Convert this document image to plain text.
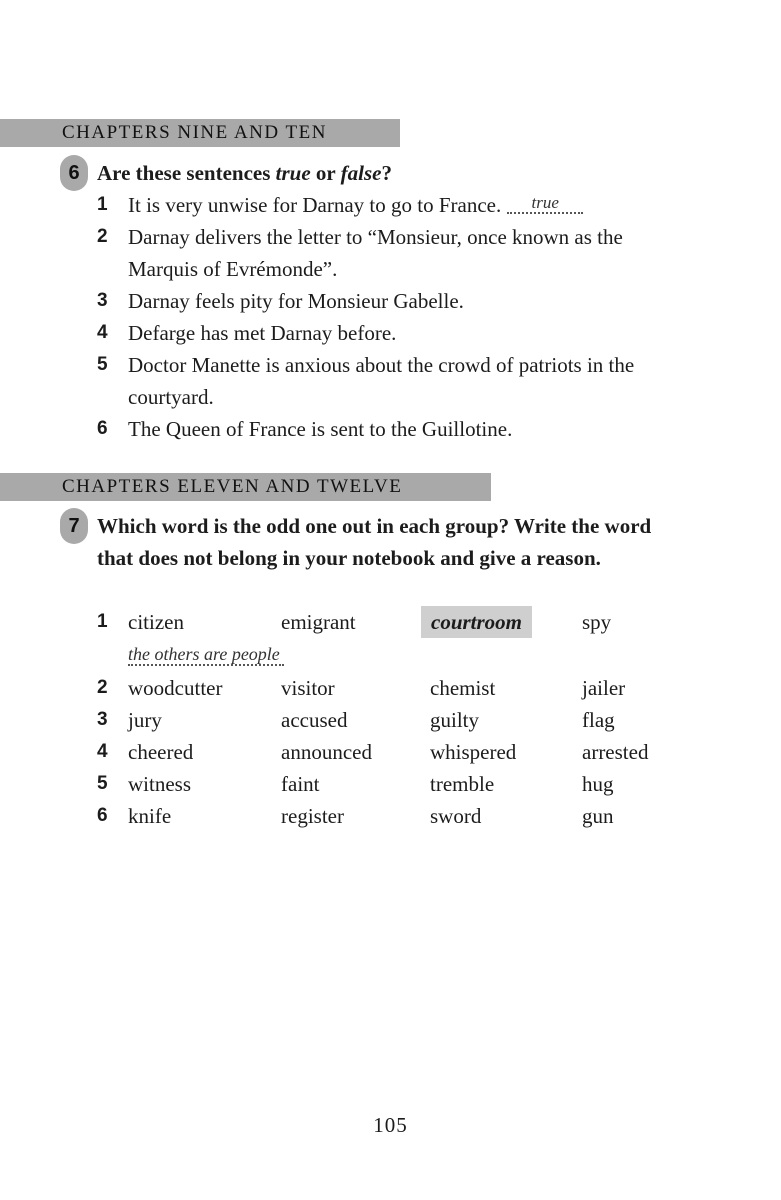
CHAPTERS NINE AND TEN
6 Are these sentences true or false?
1 It is very unwise for Darnay to go to France. true
2 Darnay delivers the letter to “Monsieur, once known as the Marquis of Evrémonde”.
3 Darnay feels pity for Monsieur Gabelle.
4 Defarge has met Darnay before.
5 Doctor Manette is anxious about the crowd of patriots in the courtyard.
6 The Queen of France is sent to the Guillotine.
CHAPTERS ELEVEN AND TWELVE
7 Which word is the odd one out in each group? Write the word that does not belong in your notebook and give a reason.
1 citizen	emigrant	courtroom	spy
the others are people
2 woodcutter	visitor	chemist	jailer
3 jury	accused	guilty	flag
4 cheered	announced	whispered	arrested
5 witness	faint	tremble	hug
6 knife	register	sword	gun
105
